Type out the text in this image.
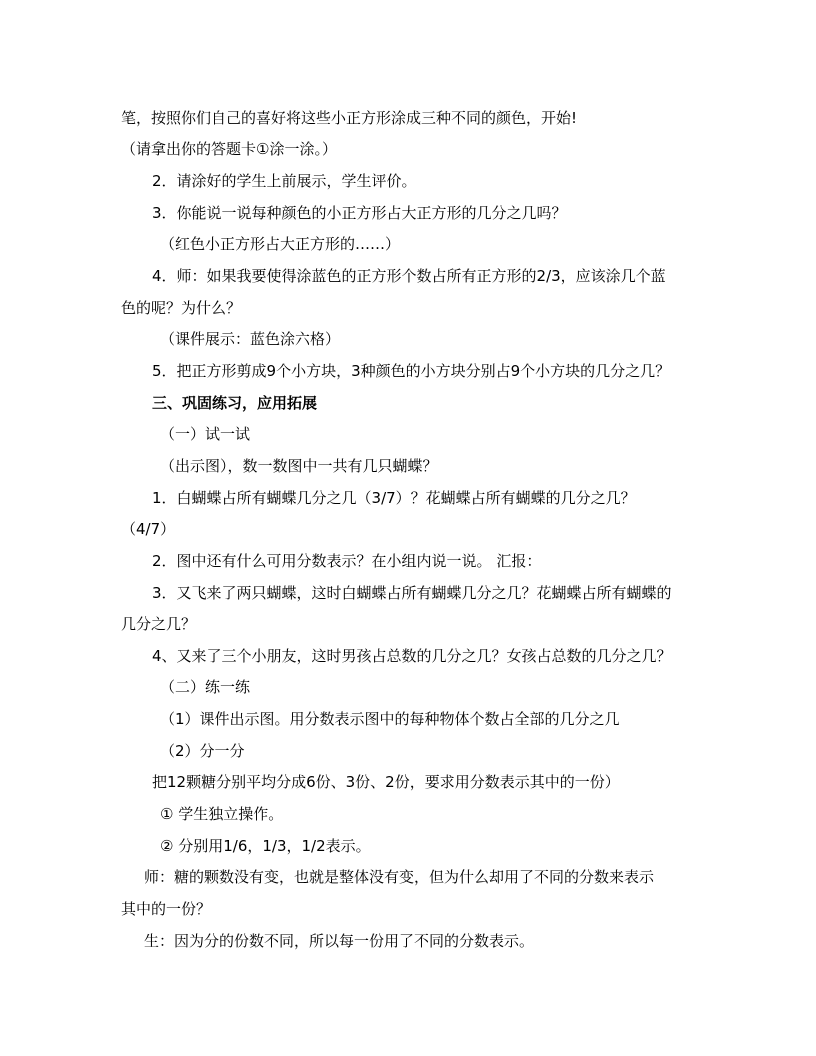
笔，按照你们自己的喜好将这些小正方形涂成三种不同的颜色，开始!
（请拿出你的答题卡①涂一涂。）
2．请涂好的学生上前展示，学生评价。
3．你能说一说每种颜色的小正方形占大正方形的几分之几吗？
（红色小正方形占大正方形的……）
4．师：如果我要使得涂蓝色的正方形个数占所有正方形的2/3，应该涂几个蓝
色的呢？为什么？
（课件展示：蓝色涂六格）
5．把正方形剪成9个小方块，3种颜色的小方块分别占9个小方块的几分之几？
三、巩固练习，应用拓展
（一）试一试
（出示图），数一数图中一共有几只蝴蝶？
1．白蝴蝶占所有蝴蝶几分之几（3/7）？花蝴蝶占所有蝴蝶的几分之几？
（4/7）
2．图中还有什么可用分数表示？在小组内说一说。 汇报：
3．又飞来了两只蝴蝶，这时白蝴蝶占所有蝴蝶几分之几？花蝴蝶占所有蝴蝶的
几分之几？
4、又来了三个小朋友，这时男孩占总数的几分之几？女孩占总数的几分之几？
（二）练一练
（1）课件出示图。用分数表示图中的每种物体个数占全部的几分之几
（2）分一分
把12颗糖分别平均分成6份、3份、2份，要求用分数表示其中的一份）
① 学生独立操作。
② 分别用1/6，1/3，1/2表示。
师：糖的颗数没有变，也就是整体没有变，但为什么却用了不同的分数来表示
其中的一份？
生：因为分的份数不同，所以每一份用了不同的分数表示。
